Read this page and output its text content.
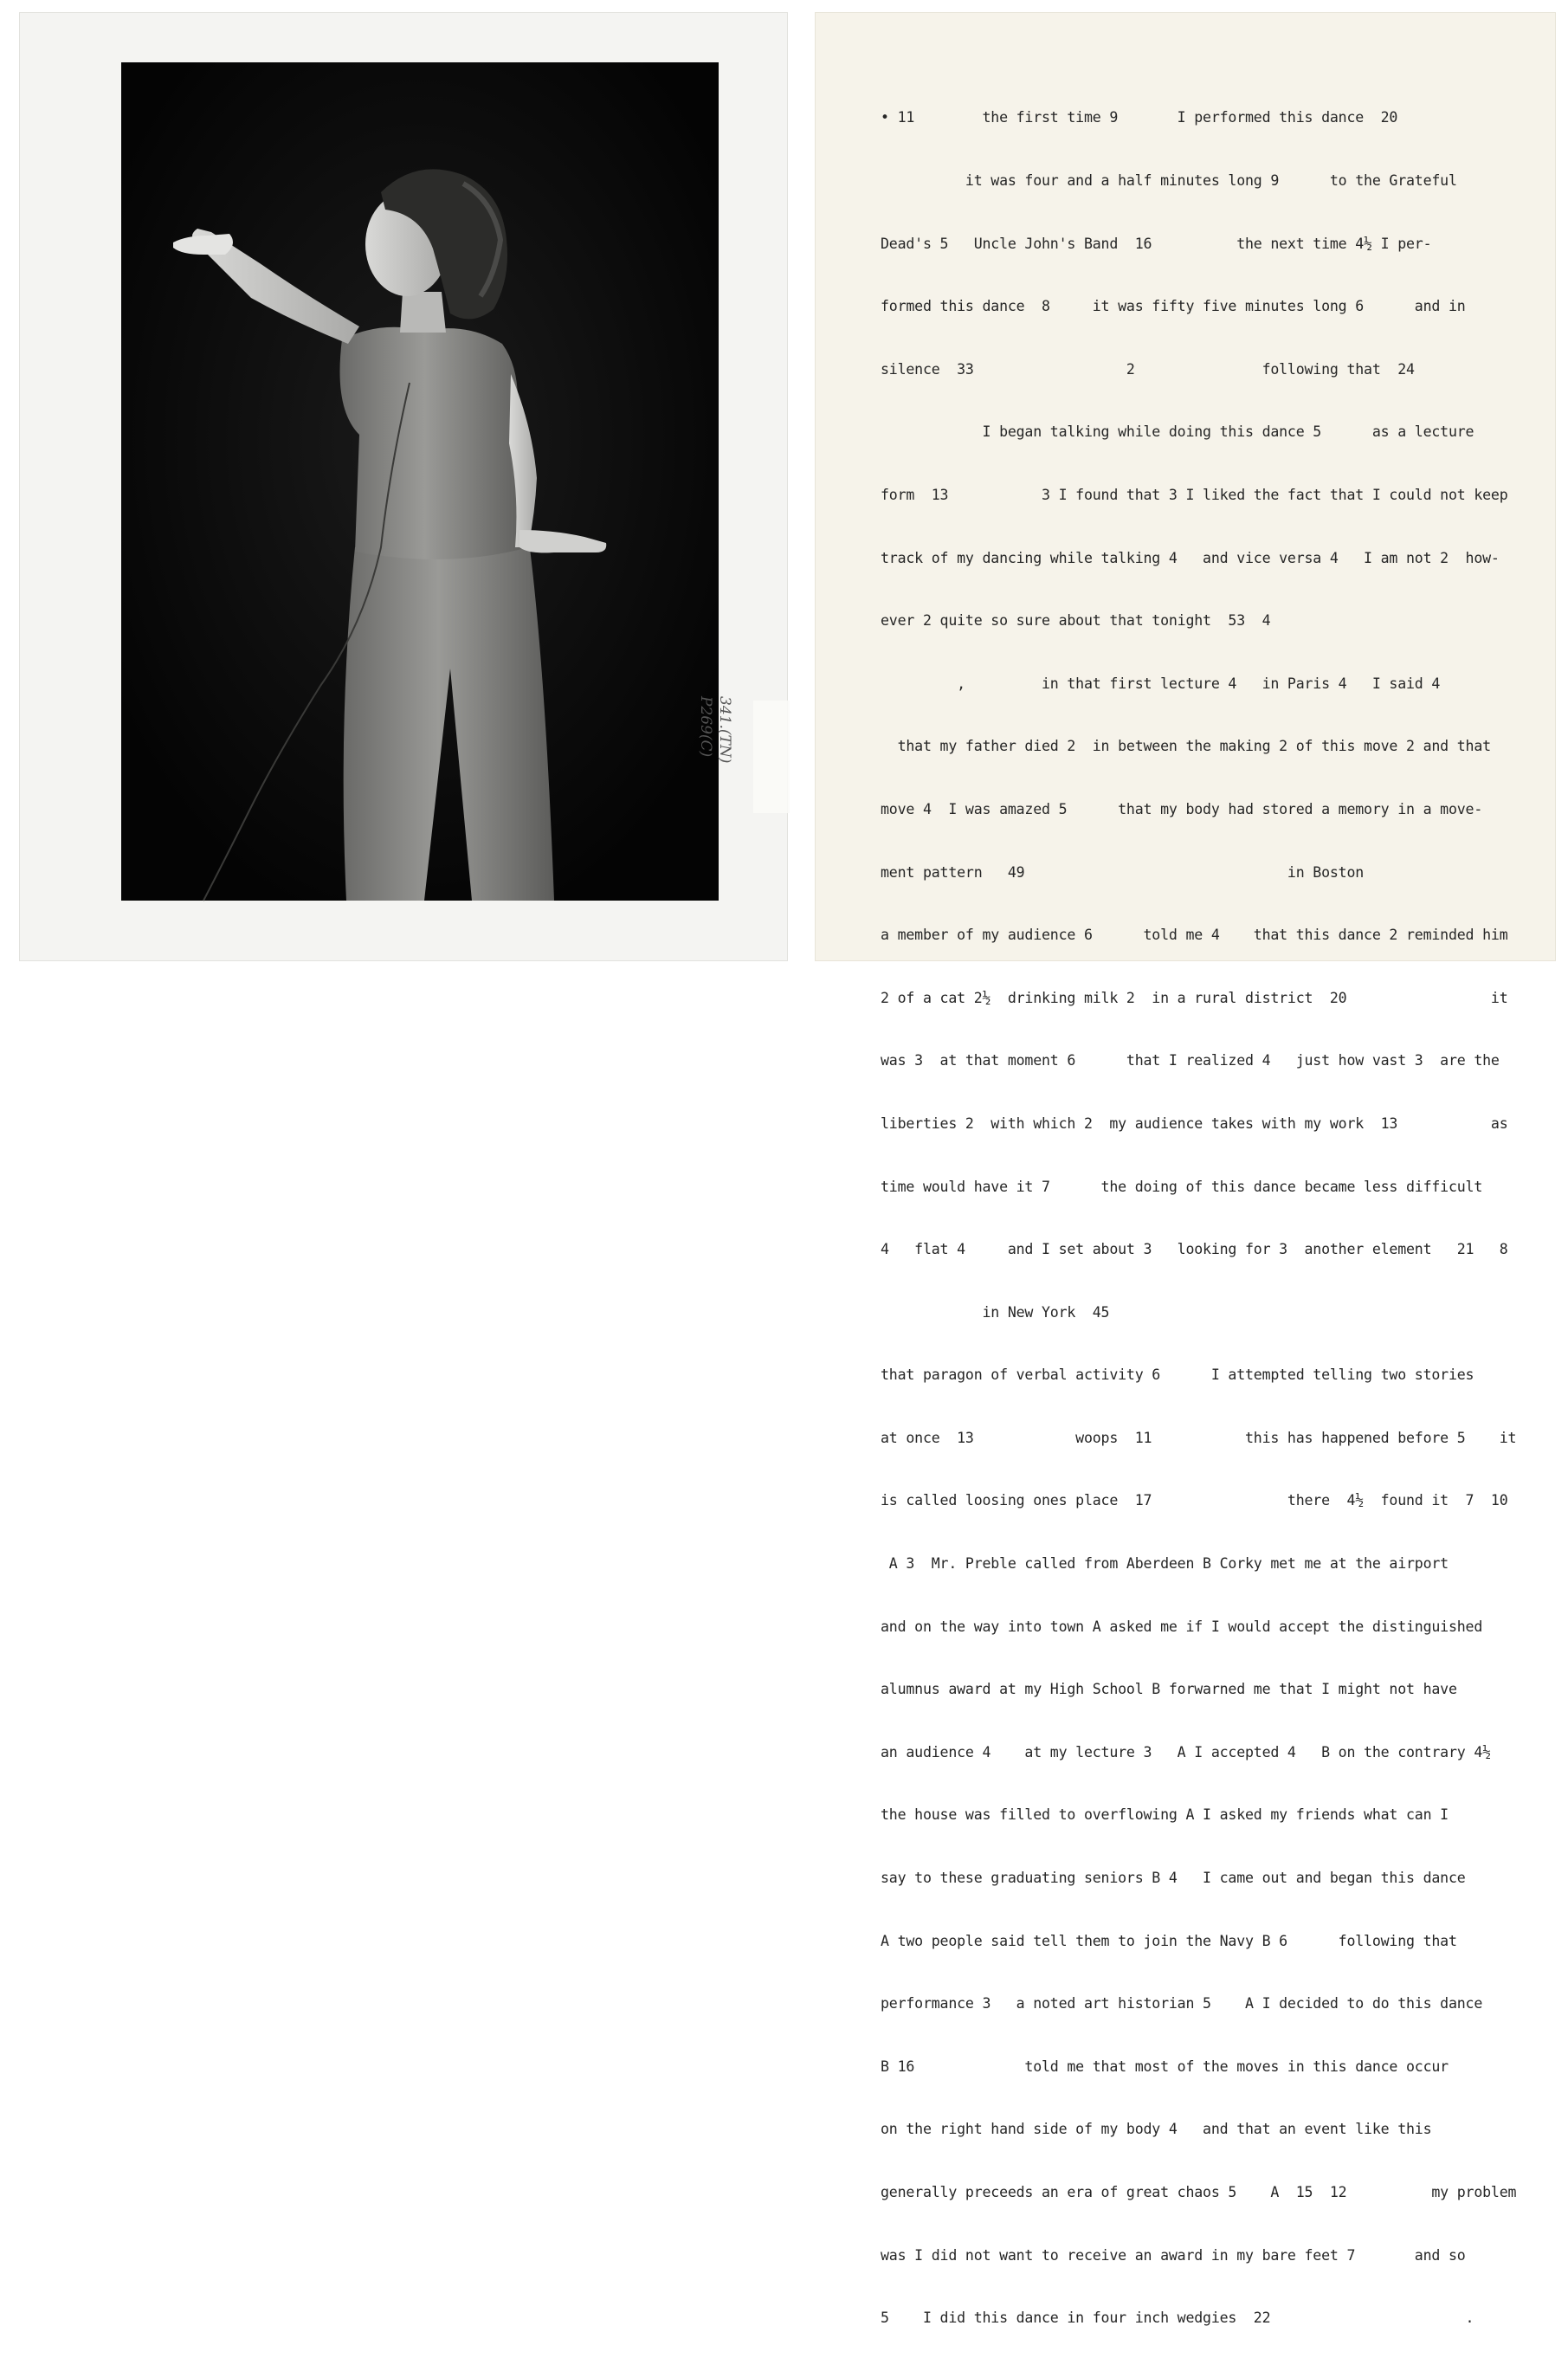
341.(TN)
P269(C)

• 11        the first time 9       I performed this dance  20

it was four and a half minutes long 9      to the Grateful

Dead's 5   Uncle John's Band  16          the next time 4½ I per-

formed this dance  8     it was fifty five minutes long 6      and in

silence  33                  2               following that  24

I began talking while doing this dance 5      as a lecture

form  13           3 I found that 3 I liked the fact that I could not keep

track of my dancing while talking 4   and vice versa 4   I am not 2  how-

ever 2 quite so sure about that tonight  53  4

,         in that first lecture 4   in Paris 4   I said 4

that my father died 2  in between the making 2 of this move 2 and that

move 4  I was amazed 5      that my body had stored a memory in a move-

ment pattern   49                               in Boston

a member of my audience 6      told me 4    that this dance 2 reminded him

2 of a cat 2½  drinking milk 2  in a rural district  20                 it

was 3  at that moment 6      that I realized 4   just how vast 3  are the

liberties 2  with which 2  my audience takes with my work  13           as

time would have it 7      the doing of this dance became less difficult

4   flat 4     and I set about 3   looking for 3  another element   21   8

in New York  45

that paragon of verbal activity 6      I attempted telling two stories

at once  13            woops  11           this has happened before 5    it

is called loosing ones place  17                there  4½  found it  7  10

A 3  Mr. Preble called from Aberdeen B Corky met me at the airport

and on the way into town A asked me if I would accept the distinguished

alumnus award at my High School B forwarned me that I might not have

an audience 4    at my lecture 3   A I accepted 4   B on the contrary 4½

the house was filled to overflowing A I asked my friends what can I

say to these graduating seniors B 4   I came out and began this dance

A two people said tell them to join the Navy B 6      following that

performance 3   a noted art historian 5    A I decided to do this dance

B 16             told me that most of the moves in this dance occur

on the right hand side of my body 4   and that an event like this

generally preceeds an era of great chaos 5    A  15  12          my problem

was I did not want to receive an award in my bare feet 7       and so

5    I did this dance in four inch wedgies  22                       .
